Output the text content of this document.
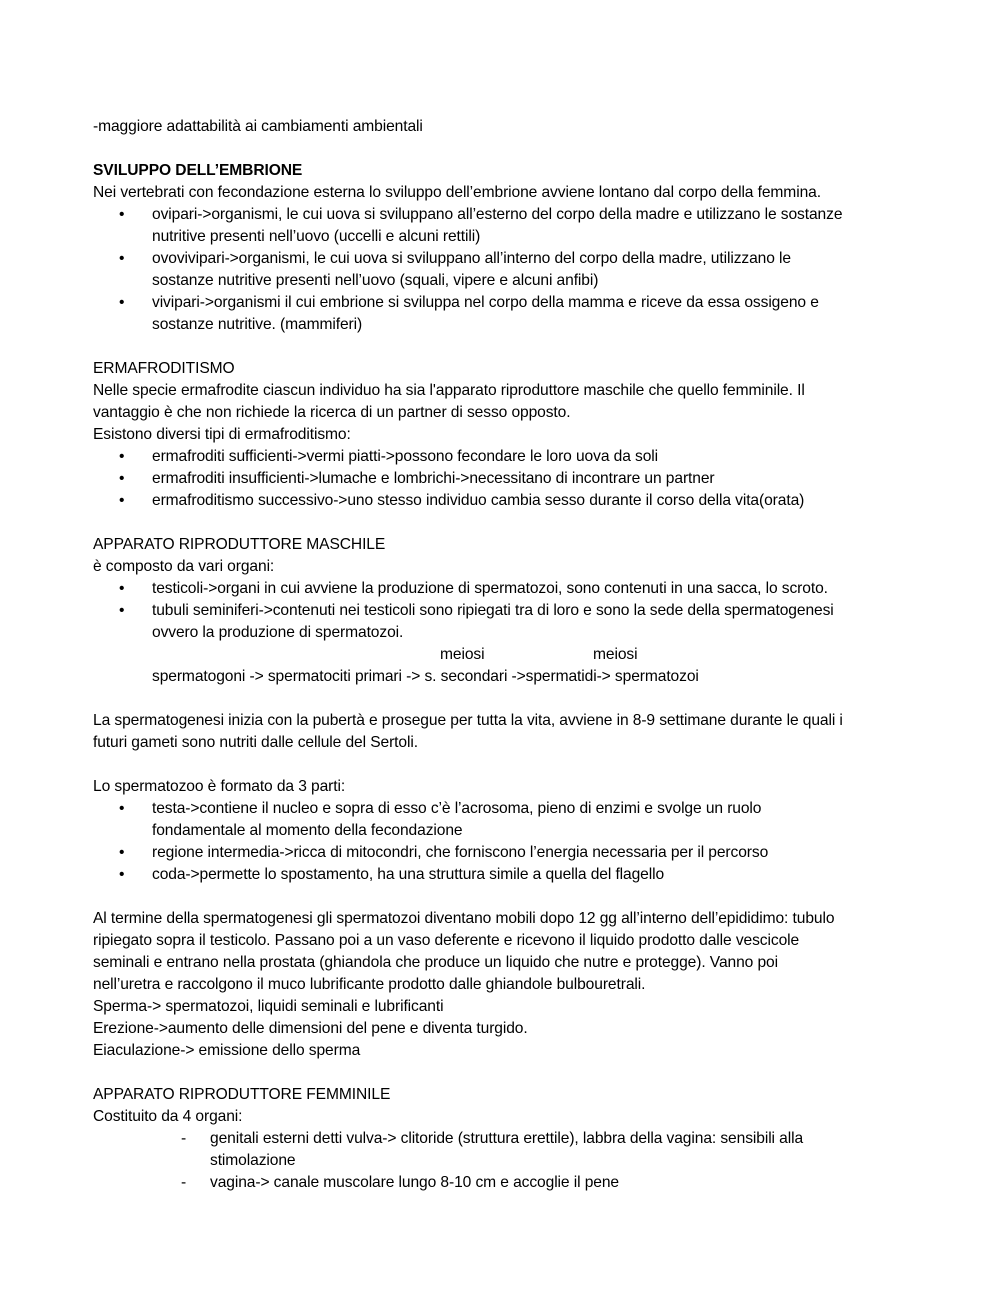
-maggiore adattabilità ai cambiamenti ambientali

SVILUPPO DELL’EMBRIONE

Nei vertebrati con fecondazione esterna lo sviluppo dell’embrione avviene lontano dal corpo della femmina.

• ovipari->organismi, le cui uova si sviluppano all’esterno del corpo della madre e utilizzano le sostanze
nutritive presenti nell’uovo (uccelli e alcuni rettili)
• ovovivipari->organismi, le cui uova si sviluppano all’interno del corpo della madre, utilizzano le
sostanze nutritive presenti nell’uovo (squali, vipere e alcuni anfibi)
• vivipari->organismi il cui embrione si sviluppa nel corpo della mamma e riceve da essa ossigeno e
sostanze nutritive. (mammiferi)

ERMAFRODITISMO

Nelle specie ermafrodite ciascun individuo ha sia l'apparato riproduttore maschile che quello femminile. Il

vantaggio è che non richiede la ricerca di un partner di sesso opposto.

Esistono diversi tipi di ermafroditismo:

• ermafroditi sufficienti->vermi piatti->possono fecondare le loro uova da soli
• ermafroditi insufficienti->lumache e lombrichi->necessitano di incontrare un partner
• ermafroditismo successivo->uno stesso individuo cambia sesso durante il corso della vita(orata)

APPARATO RIPRODUTTORE MASCHILE

è composto da vari organi:

• testicoli->organi in cui avviene la produzione di spermatozoi, sono contenuti in una sacca, lo scroto.
• tubuli seminiferi->contenuti nei testicoli sono ripiegati tra di loro e sono la sede della spermatogenesi
ovvero la produzione di spermatozoi.
meiosi	meiosi
spermatogoni -> spermatociti primari -> s. secondari ->spermatidi-> spermatozoi

La spermatogenesi inizia con la pubertà e prosegue per tutta la vita, avviene in 8-9 settimane durante le quali i

futuri gameti sono nutriti dalle cellule del Sertoli.

Lo spermatozoo è formato da 3 parti:

• testa->contiene il nucleo e sopra di esso c’è l’acrosoma, pieno di enzimi e svolge un ruolo
fondamentale al momento della fecondazione
• regione intermedia->ricca di mitocondri, che forniscono l’energia necessaria per il percorso
• coda->permette lo spostamento, ha una struttura simile a quella del flagello

Al termine della spermatogenesi gli spermatozoi diventano mobili dopo 12 gg all’interno dell’epididimo: tubulo

ripiegato sopra il testicolo. Passano poi a un vaso deferente e ricevono il liquido prodotto dalle vescicole

seminali e entrano nella prostata (ghiandola che produce un liquido che nutre e protegge). Vanno poi

nell’uretra e raccolgono il muco lubrificante prodotto dalle ghiandole bulbouretrali.

Sperma-> spermatozoi, liquidi seminali e lubrificanti

Erezione->aumento delle dimensioni del pene e diventa turgido.

Eiaculazione-> emissione dello sperma

APPARATO RIPRODUTTORE FEMMINILE

Costituito da 4 organi:

- genitali esterni detti vulva-> clitoride (struttura erettile), labbra della vagina: sensibili alla
stimolazione
- vagina-> canale muscolare lungo 8-10 cm e accoglie il pene
